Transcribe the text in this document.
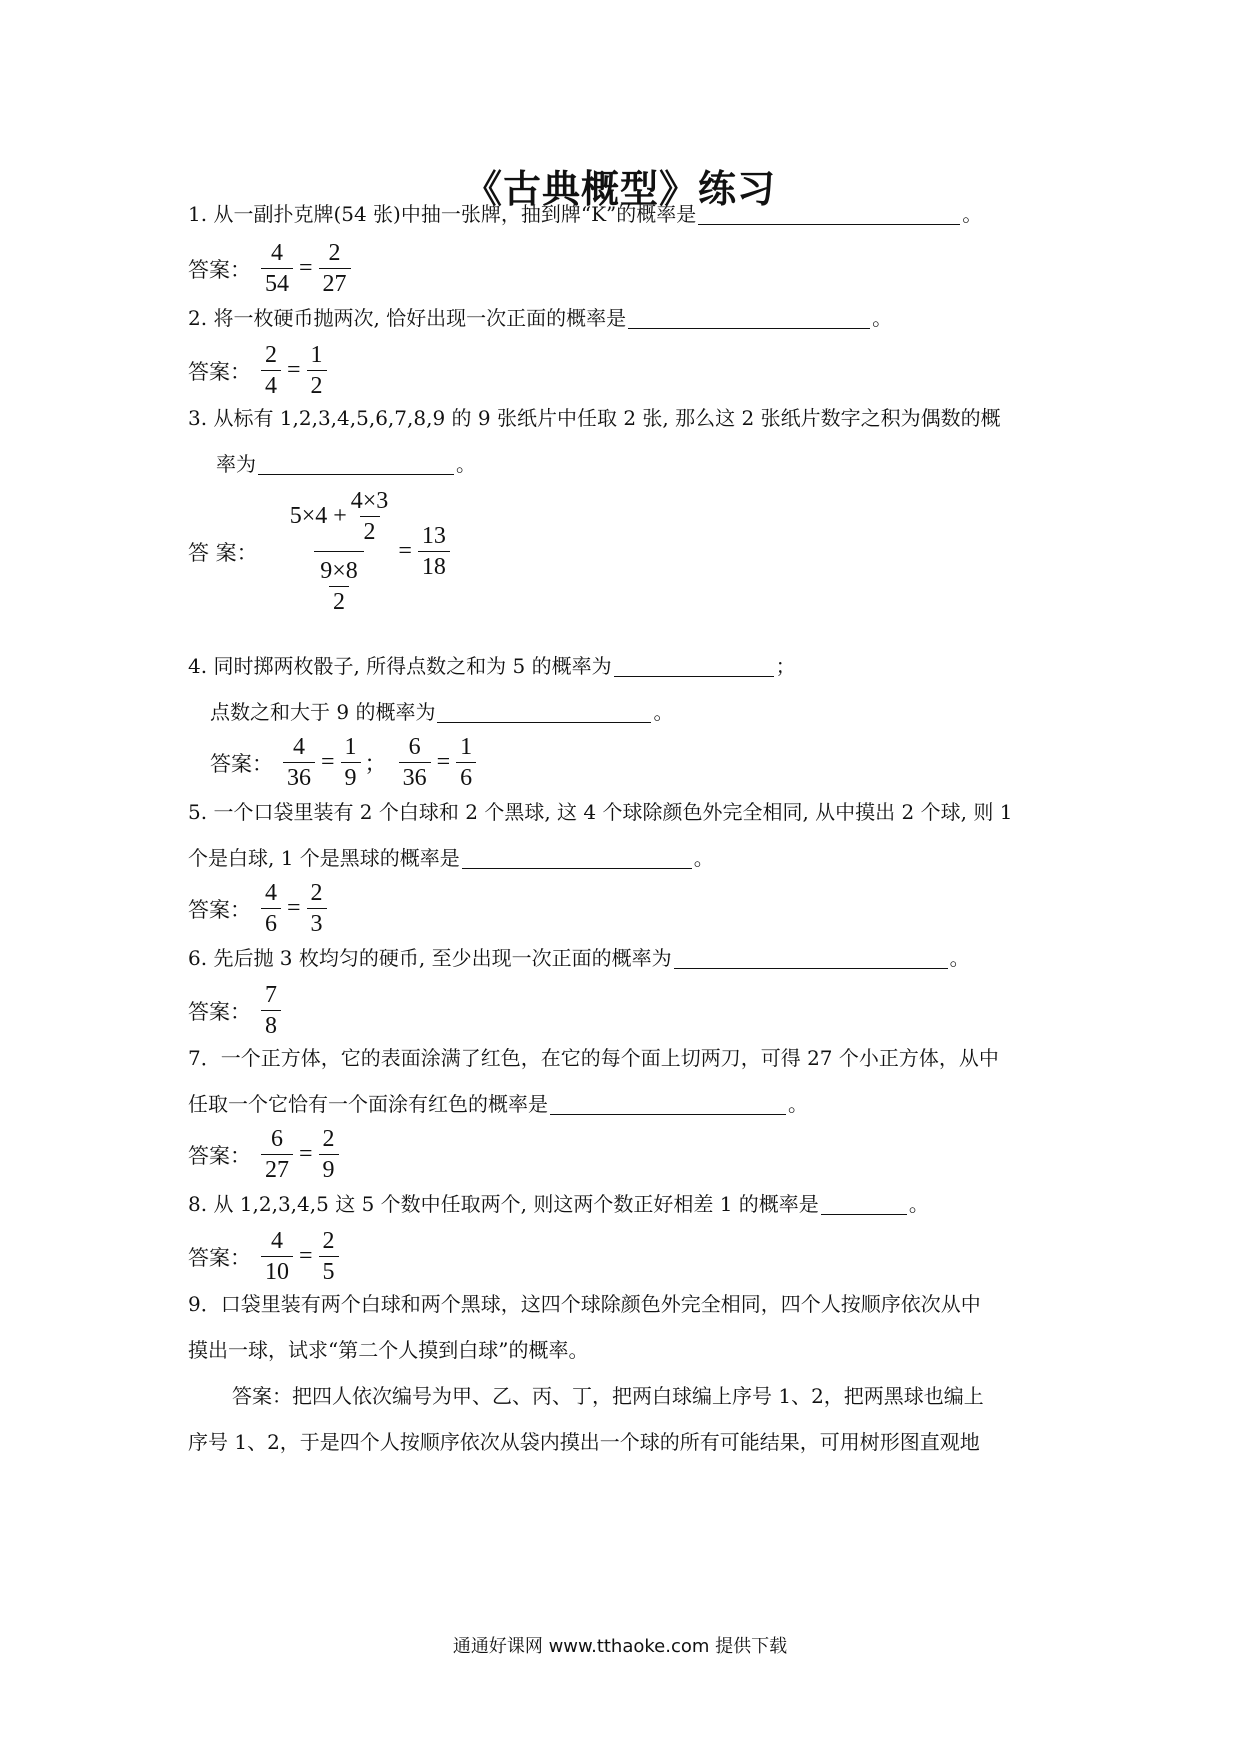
《古典概型》练习
1. 从一副扑克牌(54 张)中抽一张牌，抽到牌“K”的概率是	。
答案： $\frac{4}{54} = \frac{2}{27}$
2. 将一枚硬币抛两次, 恰好出现一次正面的概率是	。
答案： $\frac{2}{4} = \frac{1}{2}$
3. 从标有 1,2,3,4,5,6,7,8,9 的 9 张纸片中任取 2 张, 那么这 2 张纸片数字之积为偶数的概
率为	。
答 案： $5\times 4 + \frac{4\times 3}{2}$
9×8
$2 = \frac{13}{18}$
4. 同时掷两枚骰子, 所得点数之和为 5 的概率为	；
点数之和大于 9 的概率为	。
答案： $\frac{4}{36} = \frac{1}{9}$ ； $\frac{6}{36} = \frac{1}{6}$
5. 一个口袋里装有 2 个白球和 2 个黑球, 这 4 个球除颜色外完全相同, 从中摸出 2 个球, 则 1
个是白球, 1 个是黑球的概率是	。
答案： $\frac{4}{6} = \frac{2}{3}$
6. 先后抛 3 枚均匀的硬币, 至少出现一次正面的概率为	。
答案： $\frac{7}{8}$
7．一个正方体，它的表面涂满了红色，在它的每个面上切两刀，可得 27 个小正方体，从中
任取一个它恰有一个面涂有红色的概率是	。
答案： $\frac{6}{27} = \frac{2}{9}$
8. 从 1,2,3,4,5 这 5 个数中任取两个, 则这两个数正好相差 1 的概率是	。
答案： $\frac{4}{10} = \frac{2}{5}$
9．口袋里装有两个白球和两个黑球，这四个球除颜色外完全相同，四个人按顺序依次从中
摸出一球，试求“第二个人摸到白球”的概率。
答案：把四人依次编号为甲、乙、丙、丁，把两白球编上序号 1、2，把两黑球也编上
序号 1、2，于是四个人按顺序依次从袋内摸出一个球的所有可能结果，可用树形图直观地
通通好课网 www.tthaoke.com 提供下载
